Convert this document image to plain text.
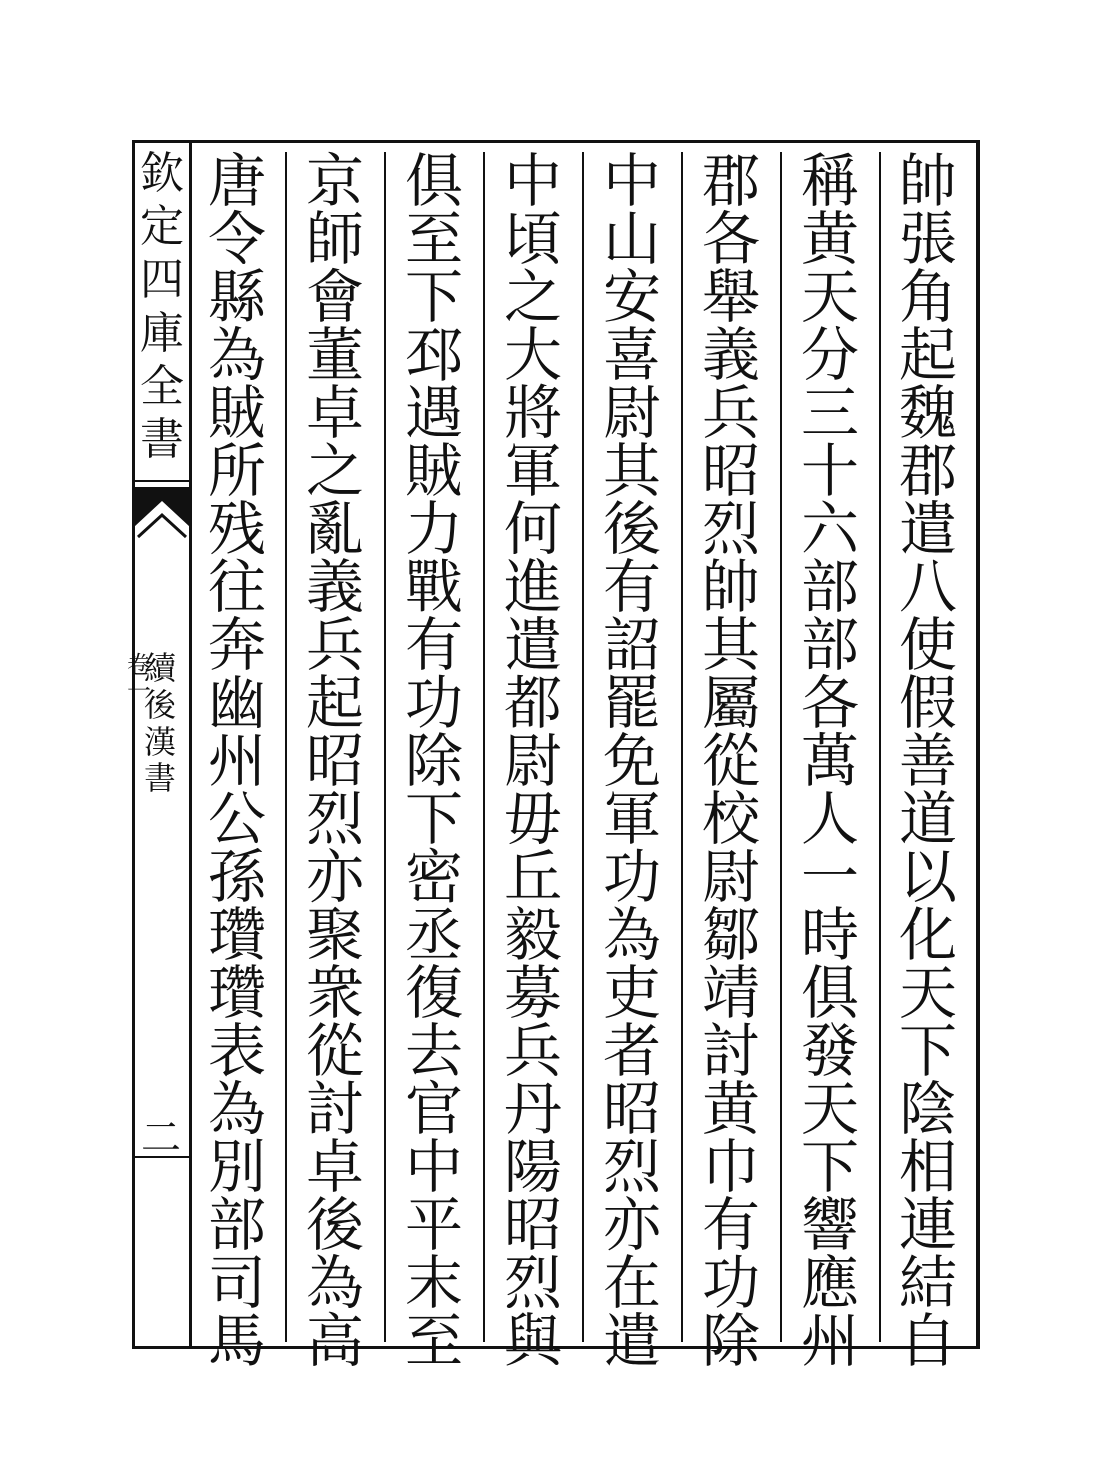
欽
定
四
庫
全
書
續
後
漢
書
卷
一
二
帥
張
角
起
魏
郡
遣
八
使
假
善
道
以
化
天
下
陰
相
連
結
自
稱
黄
天
分
三
十
六
部
部
各
萬
人
一
時
俱
發
天
下
響
應
州
郡
各
舉
義
兵
昭
烈
帥
其
屬
從
校
尉
鄒
靖
討
黄
巾
有
功
除
中
山
安
喜
尉
其
後
有
詔
罷
免
軍
功
為
吏
者
昭
烈
亦
在
遣
中
頃
之
大
將
軍
何
進
遣
都
尉
毋
丘
毅
募
兵
丹
陽
昭
烈
與
俱
至
下
邳
遇
賊
力
戰
有
功
除
下
密
丞
復
去
官
中
平
末
至
京
師
會
董
卓
之
亂
義
兵
起
昭
烈
亦
聚
衆
從
討
卓
後
為
高
唐
令
縣
為
賊
所
残
往
奔
幽
州
公
孫
瓚
瓚
表
為
別
部
司
馬
